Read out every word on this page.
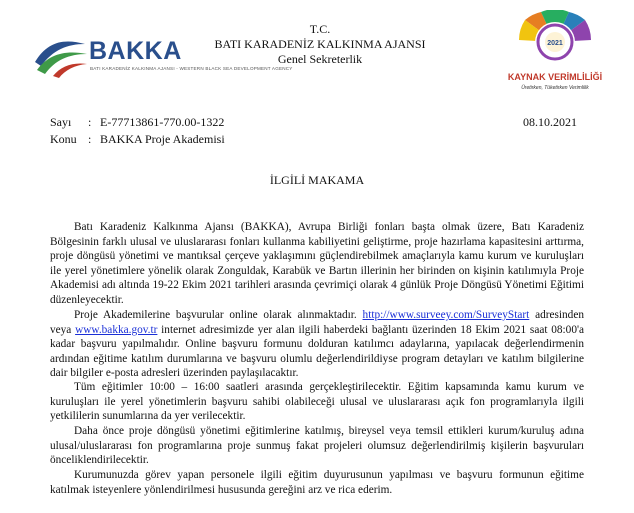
BAKKA
BATI KARADENİZ KALKINMA AJANSI - WESTERN BLACK SEA DEVELOPMENT AGENCY
T.C.
BATI KARADENİZ KALKINMA AJANSI
Genel Sekreterlik
2021
KAYNAK VERİMLİLİĞİ
Üretirken, Tüketirken Verimlilik
Sayı : E-77713861-770.00-1322	08.10.2021
Konu : BAKKA Proje Akademisi
İLGİLİ MAKAMA
Batı Karadeniz Kalkınma Ajansı (BAKKA), Avrupa Birliği fonları başta olmak üzere, Batı Karadeniz Bölgesinin farklı ulusal ve uluslararası fonları kullanma kabiliyetini geliştirme, proje hazırlama kapasitesini arttırma, proje döngüsü yönetimi ve mantıksal çerçeve yaklaşımını güçlendirebilmek amaçlarıyla kamu kurum ve kuruluşları ile yerel yönetimlere yönelik olarak Zonguldak, Karabük ve Bartın illerinin her birinden on kişinin katılımıyla Proje Akademisi adı altında 19-22 Ekim 2021 tarihleri arasında çevrimiçi olarak 4 günlük Proje Döngüsü Yönetimi Eğitimi düzenleyecektir.
Proje Akademilerine başvurular online olarak alınmaktadır. http://www.surveey.com/SurveyStart adresinden veya www.bakka.gov.tr internet adresimizde yer alan ilgili haberdeki bağlantı üzerinden 18 Ekim 2021 saat 08:00'a kadar başvuru yapılmalıdır. Online başvuru formunu dolduran katılımcı adaylarına, yapılacak değerlendirmenin ardından eğitime katılım durumlarına ve başvuru olumlu değerlendirildiyse program detayları ve katılım bilgilerine dair bilgiler e-posta adresleri üzerinden paylaşılacaktır.
Tüm eğitimler 10:00 – 16:00 saatleri arasında gerçekleştirilecektir. Eğitim kapsamında kamu kurum ve kuruluşları ile yerel yönetimlerin başvuru sahibi olabileceği ulusal ve uluslararası açık fon programlarıyla ilgili yetkililerin sunumlarına da yer verilecektir.
Daha önce proje döngüsü yönetimi eğitimlerine katılmış, bireysel veya temsil ettikleri kurum/kuruluş adına ulusal/uluslararası fon programlarına proje sunmuş fakat projeleri olumsuz değerlendirilmiş kişilerin başvuruları önceliklendirilecektir.
Kurumunuzda görev yapan personele ilgili eğitim duyurusunun yapılması ve başvuru formunun eğitime katılmak isteyenlere yönlendirilmesi hususunda gereğini arz ve rica ederim.
